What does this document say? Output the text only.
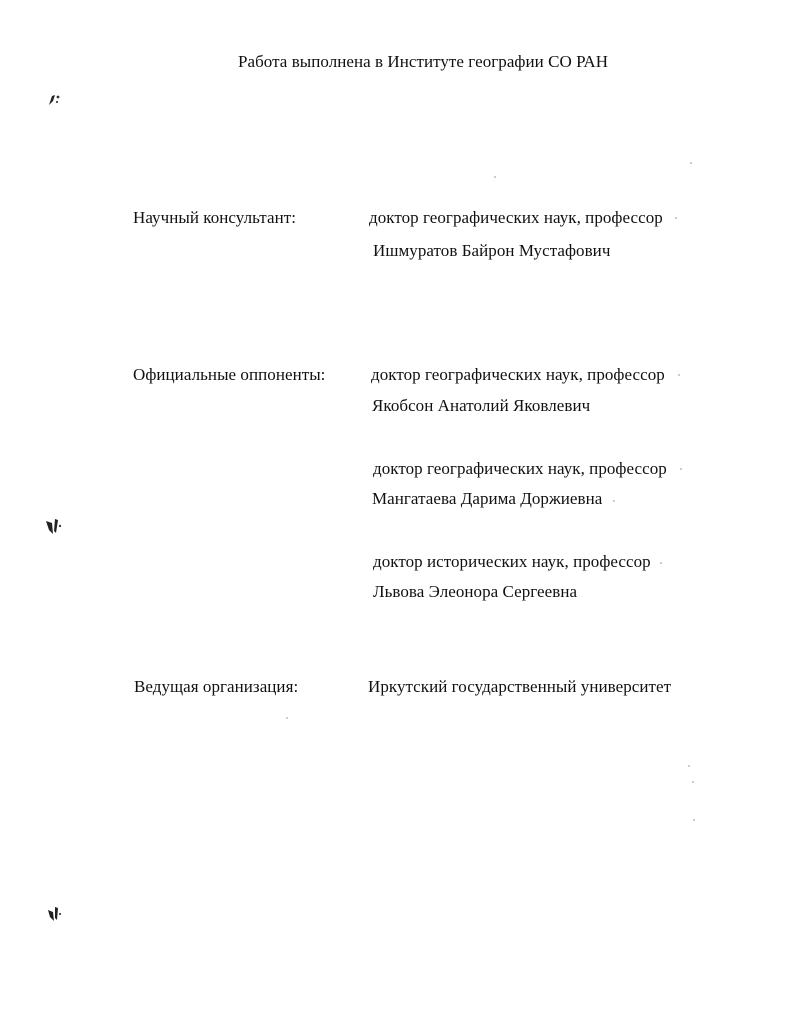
Работа выполнена в Институте географии СО РАН
Научный консультант:	доктор географических наук, профессор
Ишмуратов Байрон Мустафович
Официальные оппоненты:	доктор географических наук, профессор
Якобсон Анатолий Яковлевич
доктор географических наук, профессор
Мангатаева Дарима Доржиевна
доктор исторических наук, профессор
Львова Элеонора Сергеевна
Ведущая организация:	Иркутский государственный университет
